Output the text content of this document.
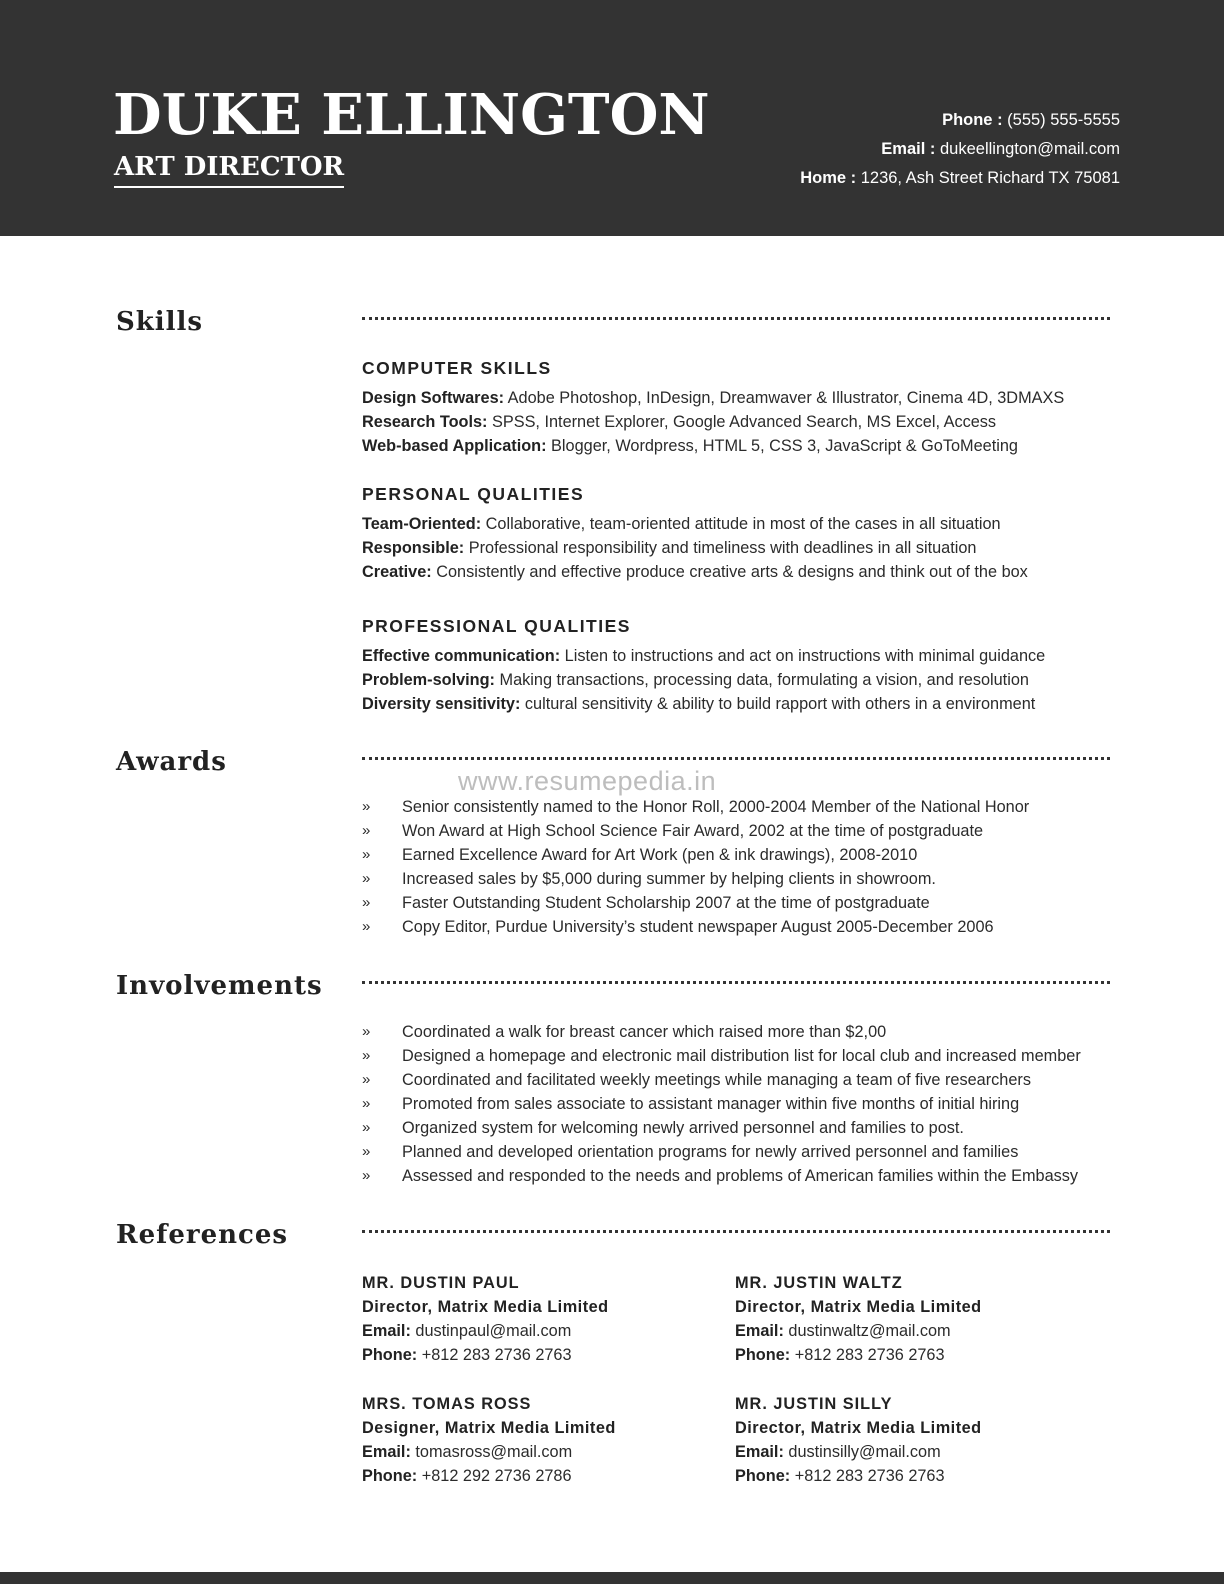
DUKE ELLINGTON
ART DIRECTOR
Phone : (555) 555-5555
Email : dukeellington@mail.com
Home : 1236, Ash Street Richard TX 75081
Skills
COMPUTER SKILLS
Design Softwares: Adobe Photoshop, InDesign, Dreamwaver & Illustrator, Cinema 4D, 3DMAXS
Research Tools: SPSS, Internet Explorer, Google Advanced Search, MS Excel, Access
Web-based Application: Blogger, Wordpress, HTML 5, CSS 3, JavaScript & GoToMeeting
PERSONAL QUALITIES
Team-Oriented: Collaborative, team-oriented attitude in most of the cases in all situation
Responsible: Professional responsibility and timeliness with deadlines in all situation
Creative: Consistently and effective produce creative arts & designs and think out of the box
PROFESSIONAL QUALITIES
Effective communication: Listen to instructions and act on instructions with minimal guidance
Problem-solving: Making transactions, processing data, formulating a vision, and resolution
Diversity sensitivity: cultural sensitivity & ability to build rapport with others in a environment
Awards
www.resumepedia.in
» Senior consistently named to the Honor Roll, 2000-2004 Member of the National Honor
» Won Award at High School Science Fair Award, 2002 at the time of postgraduate
» Earned Excellence Award for Art Work (pen & ink drawings), 2008-2010
» Increased sales by $5,000 during summer by helping clients in showroom.
» Faster Outstanding Student Scholarship 2007 at the time of postgraduate
» Copy Editor, Purdue University’s student newspaper August 2005-December 2006
Involvements
» Coordinated a walk for breast cancer which raised more than $2,00
» Designed a homepage and electronic mail distribution list for local club and increased member
» Coordinated and facilitated weekly meetings while managing a team of five researchers
» Promoted from sales associate to assistant manager within five months of initial hiring
» Organized system for welcoming newly arrived personnel and families to post.
» Planned and developed orientation programs for newly arrived personnel and families
» Assessed and responded to the needs and problems of American families within the Embassy
References
MR. DUSTIN PAUL
Director, Matrix Media Limited
Email: dustinpaul@mail.com
Phone: +812 283 2736 2763
MR. JUSTIN WALTZ
Director, Matrix Media Limited
Email: dustinwaltz@mail.com
Phone: +812 283 2736 2763
MRS. TOMAS ROSS
Designer, Matrix Media Limited
Email: tomasross@mail.com
Phone: +812 292 2736 2786
MR. JUSTIN SILLY
Director, Matrix Media Limited
Email: dustinsilly@mail.com
Phone: +812 283 2736 2763
